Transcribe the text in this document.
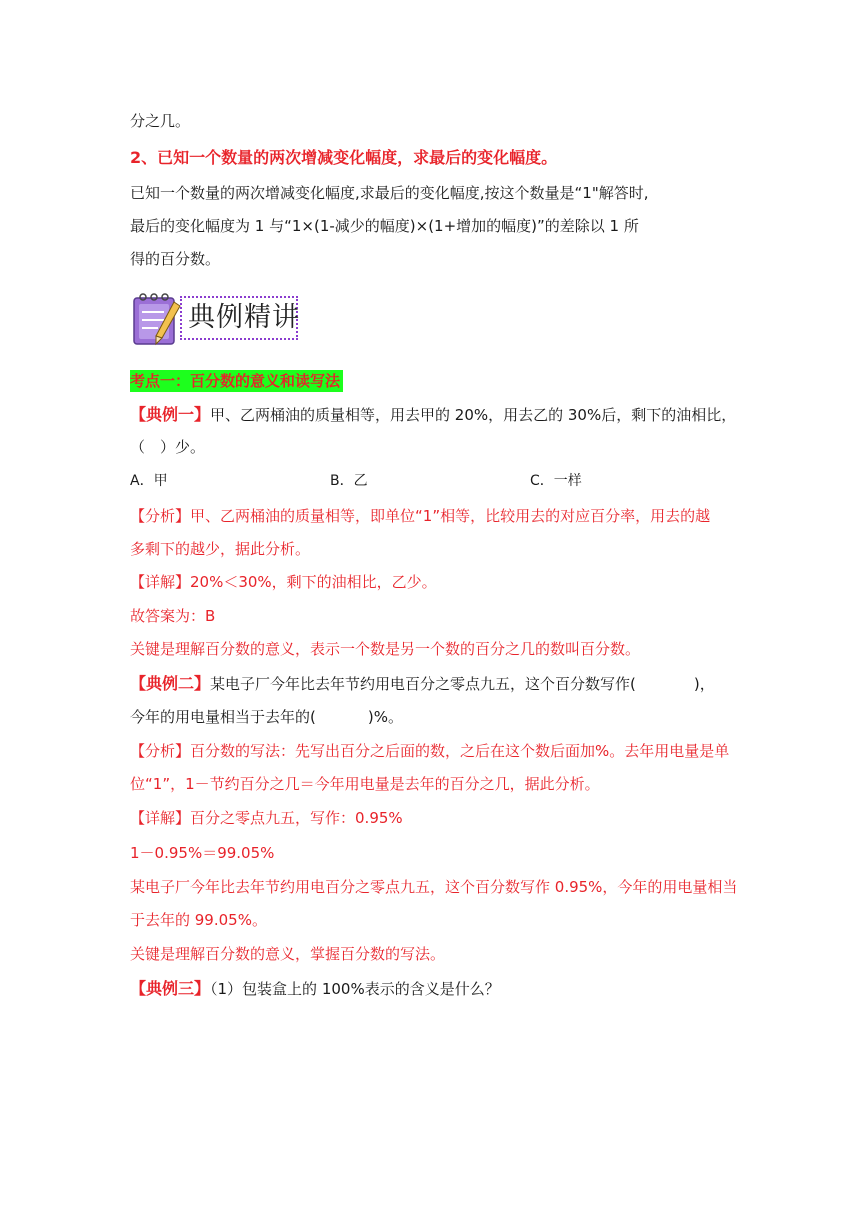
分之几。
2、已知一个数量的两次增减变化幅度，求最后的变化幅度。
已知一个数量的两次增减变化幅度,求最后的变化幅度,按这个数量是“1"解答时,
最后的变化幅度为 1 与“1×(1-减少的幅度)×(1+增加的幅度)”的差除以 1 所
得的百分数。
典例精讲
考点一：百分数的意义和读写法
【典例一】甲、乙两桶油的质量相等，用去甲的 20%，用去乙的 30%后，剩下的油相比，
（　）少。
A．甲	B．乙	C．一样
【分析】甲、乙两桶油的质量相等，即单位“1”相等，比较用去的对应百分率，用去的越
多剩下的越少，据此分析。
【详解】20%＜30%，剩下的油相比，乙少。
故答案为：B
关键是理解百分数的意义，表示一个数是另一个数的百分之几的数叫百分数。
【典例二】某电子厂今年比去年节约用电百分之零点九五，这个百分数写作(	)，
今年的用电量相当于去年的(	)%。
【分析】百分数的写法：先写出百分之后面的数，之后在这个数后面加%。去年用电量是单
位“1”，1－节约百分之几＝今年用电量是去年的百分之几，据此分析。
【详解】百分之零点九五，写作：0.95%
1－0.95%＝99.05%
某电子厂今年比去年节约用电百分之零点九五，这个百分数写作 0.95%，今年的用电量相当
于去年的 99.05%。
关键是理解百分数的意义，掌握百分数的写法。
【典例三】（1）包装盒上的 100%表示的含义是什么？
